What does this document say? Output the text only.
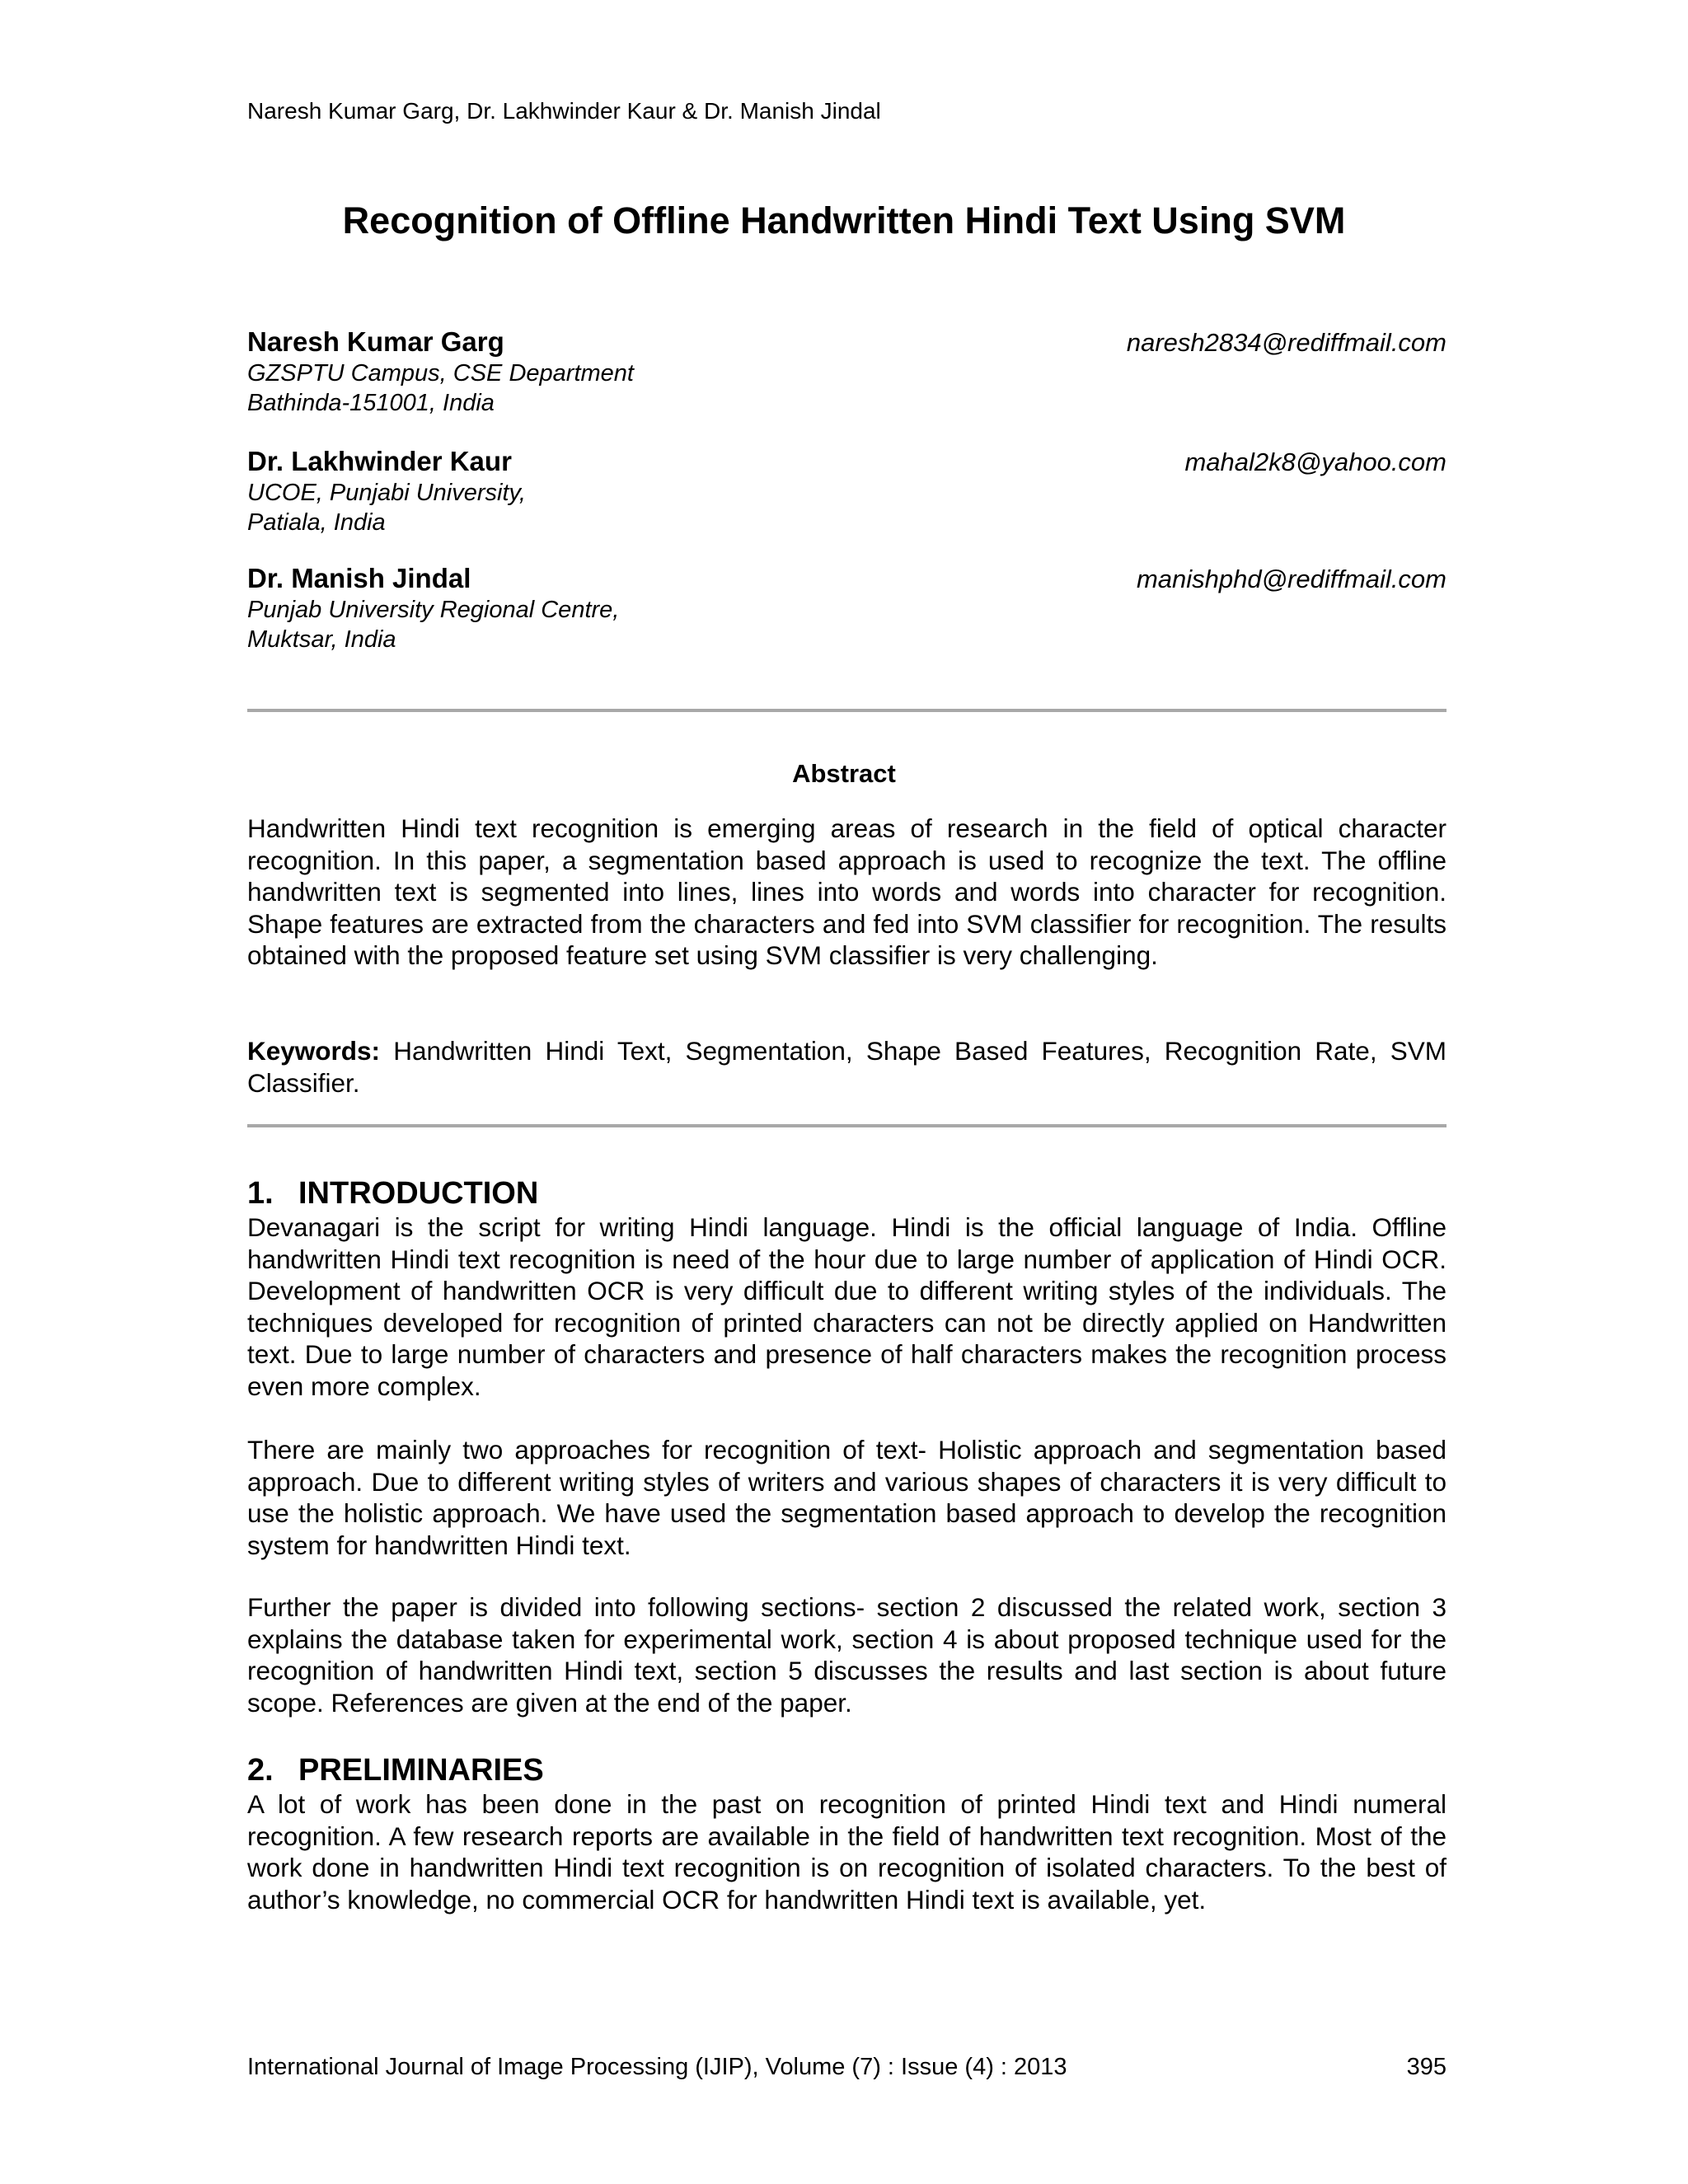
Naresh Kumar Garg, Dr. Lakhwinder Kaur & Dr. Manish Jindal
Recognition of Offline Handwritten Hindi Text Using SVM

Naresh Kumar Garg

GZSPTU Campus, CSE Department

Bathinda-151001, India

naresh2834@rediffmail.com

Dr. Lakhwinder Kaur

UCOE, Punjabi University,

Patiala, India

mahal2k8@yahoo.com

Dr. Manish Jindal

Punjab University Regional Centre,

Muktsar, India

manishphd@rediffmail.com
Abstract

Handwritten Hindi text recognition is emerging areas of research in the field of optical character recognition. In this paper, a segmentation based approach is used to recognize the text. The offline handwritten text is segmented into lines, lines into words and words into character for recognition. Shape features are extracted from the characters and fed into SVM classifier for recognition. The results obtained with the proposed feature set using SVM classifier is very challenging.

Keywords: Handwritten Hindi Text, Segmentation, Shape Based Features, Recognition Rate, SVM Classifier.

1. INTRODUCTION

Devanagari is the script for writing Hindi language. Hindi is the official language of India. Offline handwritten Hindi text recognition is need of the hour due to large number of application of Hindi OCR. Development of handwritten OCR is very difficult due to different writing styles of the individuals. The techniques developed for recognition of printed characters can not be directly applied on Handwritten text. Due to large number of characters and presence of half characters makes the recognition process even more complex.

There are mainly two approaches for recognition of text- Holistic approach and segmentation based approach. Due to different writing styles of writers and various shapes of characters it is very difficult to use the holistic approach. We have used the segmentation based approach to develop the recognition system for handwritten Hindi text.

Further the paper is divided into following sections- section 2 discussed the related work, section 3 explains the database taken for experimental work, section 4 is about proposed technique used for the recognition of handwritten Hindi text, section 5 discusses the results and last section is about future scope. References are given at the end of the paper.

2. PRELIMINARIES

A lot of work has been done in the past on recognition of printed Hindi text and Hindi numeral recognition. A few research reports are available in the field of handwritten text recognition. Most of the work done in handwritten Hindi text recognition is on recognition of isolated characters. To the best of author’s knowledge, no commercial OCR for handwritten Hindi text is available, yet.

International Journal of Image Processing (IJIP), Volume (7) : Issue (4) : 2013	395
